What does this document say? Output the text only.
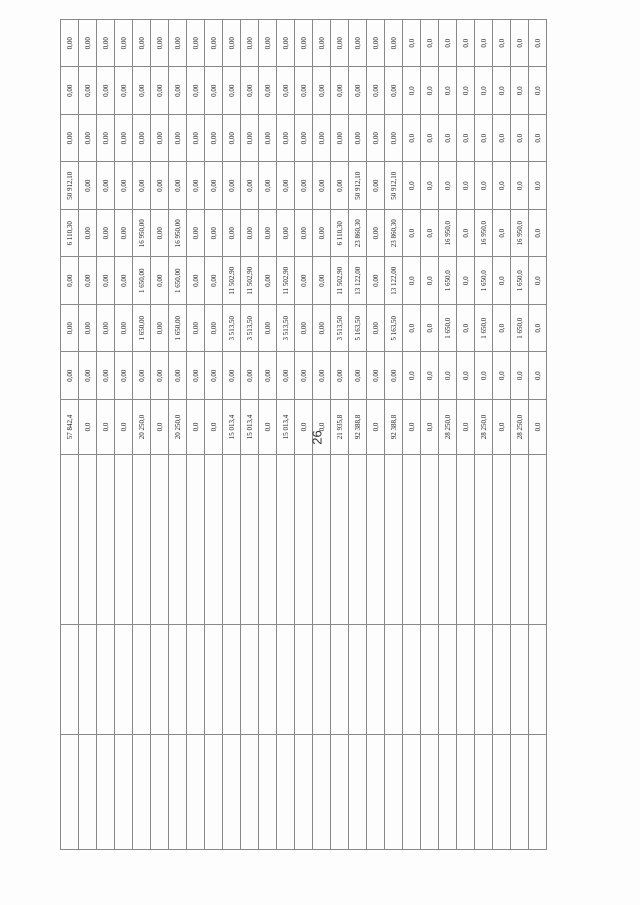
			57 842,4	0,00	0,00	0,00	6 110,30	50 912,10	0,00	0,00	0,00
			0,0	0,00	0,00	0,00	0,00	0,00	0,00	0,00	0,00
			0,0	0,00	0,00	0,00	0,00	0,00	0,00	0,00	0,00
			0,0	0,00	0,00	0,00	0,00	0,00	0,00	0,00	0,00
			20 250,0	0,00	1 650,00	1 650,00	16 950,00	0,00	0,00	0,00	0,00
			0,0	0,00	0,00	0,00	0,00	0,00	0,00	0,00	0,00
			20 250,0	0,00	1 650,00	1 650,00	16 950,00	0,00	0,00	0,00	0,00
			0,0	0,00	0,00	0,00	0,00	0,00	0,00	0,00	0,00
			0,0	0,00	0,00	0,00	0,00	0,00	0,00	0,00	0,00
			15 013,4	0,00	3 513,50	11 502,90	0,00	0,00	0,00	0,00	0,00
			15 013,4	0,00	3 513,50	11 502,90	0,00	0,00	0,00	0,00	0,00
			0,0	0,00	0,00	0,00	0,00	0,00	0,00	0,00	0,00
			15 013,4	0,00	3 513,50	11 502,90	0,00	0,00	0,00	0,00	0,00
			0,0	0,00	0,00	0,00	0,00	0,00	0,00	0,00	0,00
			0,0	0,00	0,00	0,00	0,00	0,00	0,00	0,00	0,00
			21 935,8	0,00	3 513,50	11 502,90	6 110,30	0,00	0,00	0,00	0,00
			92 388,8	0,00	5 163,50	13 122,00	23 860,30	50 912,10	0,00	0,00	0,00
			0,0	0,00	0,00	0,00	0,00	0,00	0,00	0,00	0,00
			92 388,8	0,00	5 163,50	13 122,00	23 860,30	50 912,10	0,00	0,00	0,00
			0,0	0,0	0,0	0,0	0,0	0,0	0,0	0,0	0,0
			0,0	0,0	0,0	0,0	0,0	0,0	0,0	0,0	0,0
			28 250,0	0,0	1 650,0	1 650,0	16 950,0	0,0	0,0	0,0	0,0
			0,0	0,0	0,0	0,0	0,0	0,0	0,0	0,0	0,0
			28 250,0	0,0	1 650,0	1 650,0	16 950,0	0,0	0,0	0,0	0,0
			0,0	0,0	0,0	0,0	0,0	0,0	0,0	0,0	0,0
			28 250,0	0,0	1 650,0	1 650,0	16 950,0	0,0	0,0	0,0	0,0
			0,0	0,0	0,0	0,0	0,0	0,0	0,0	0,0	0,0
26
